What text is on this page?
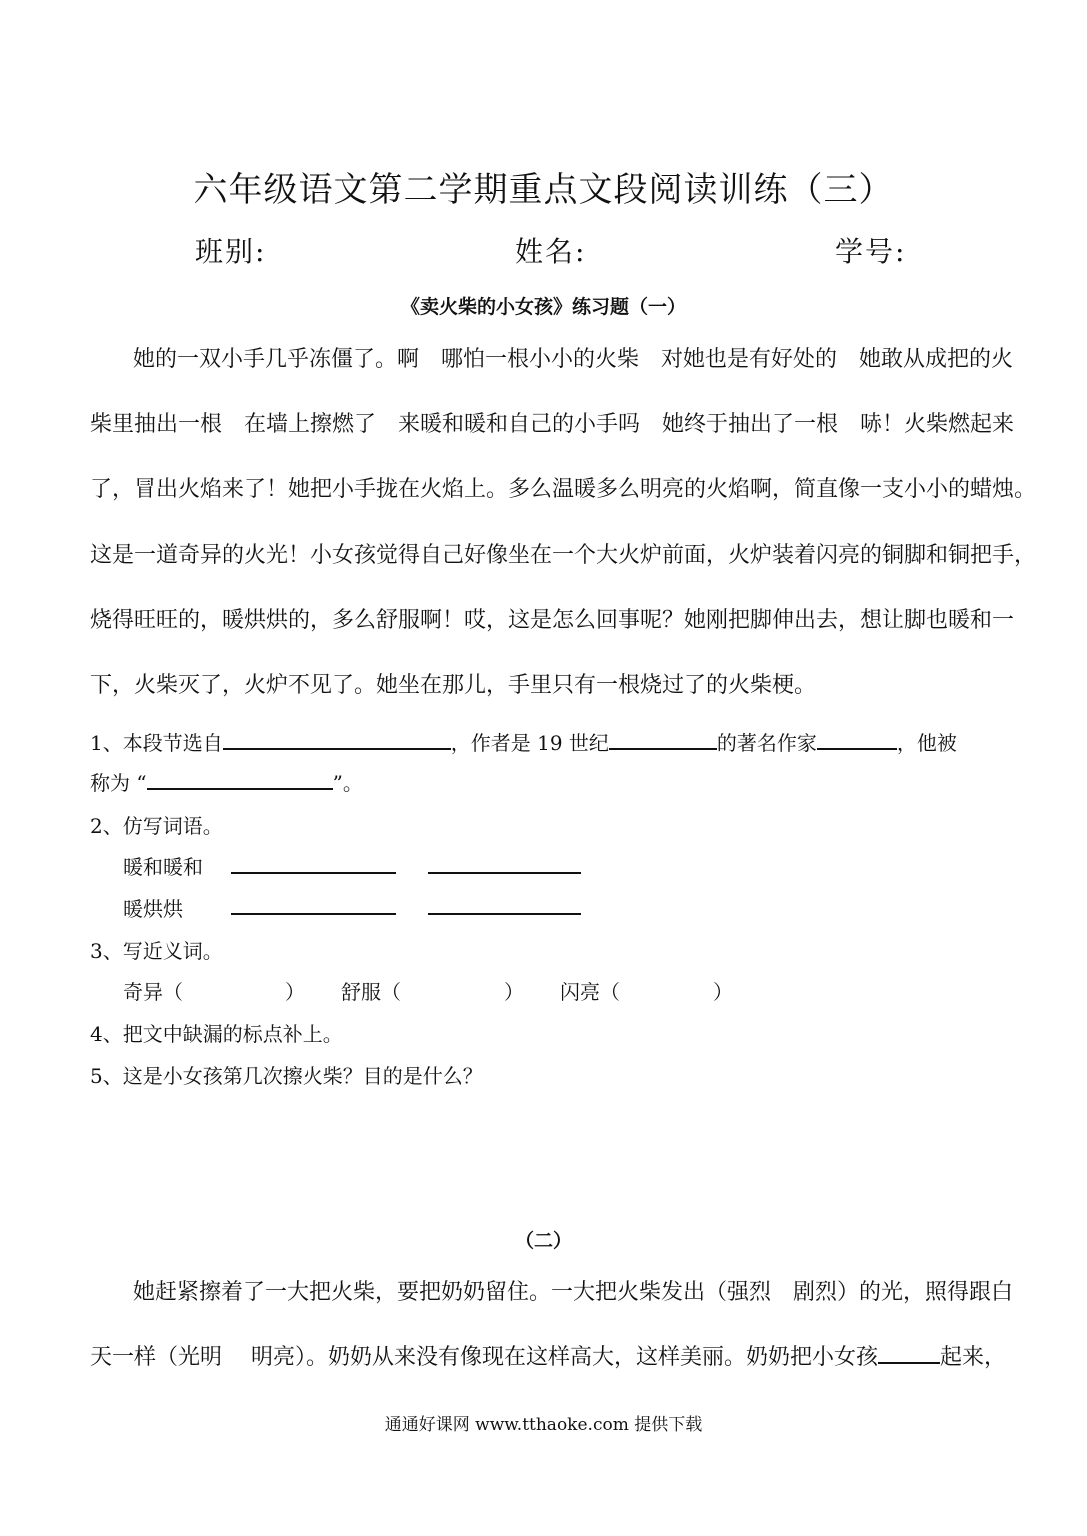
六年级语文第二学期重点文段阅读训练（三）
班别:	姓名:	学号:
《卖火柴的小女孩》练习题（一）
她的一双小手几乎冻僵了。啊　哪怕一根小小的火柴　对她也是有好处的　她敢从成把的火
柴里抽出一根　在墙上擦燃了　来暖和暖和自己的小手吗　她终于抽出了一根　哧！火柴燃起来
了，冒出火焰来了！她把小手拢在火焰上。多么温暖多么明亮的火焰啊，简直像一支小小的蜡烛。
这是一道奇异的火光！小女孩觉得自己好像坐在一个大火炉前面，火炉装着闪亮的铜脚和铜把手，
烧得旺旺的，暖烘烘的，多么舒服啊！哎，这是怎么回事呢？她刚把脚伸出去，想让脚也暖和一
下，火柴灭了，火炉不见了。她坐在那儿，手里只有一根烧过了的火柴梗。
1、本段节选自	，作者是 19 世纪	的著名作家	，他被
称为 “	”。
2、仿写词语。
暖和暖和
暖烘烘
3、写近义词。
奇异（	） 舒服（	） 闪亮（	）
4、把文中缺漏的标点补上。
5、这是小女孩第几次擦火柴？目的是什么？
（二）
她赶紧擦着了一大把火柴，要把奶奶留住。一大把火柴发出（强烈　剧烈）的光，照得跟白
天一样（光明　 明亮）。奶奶从来没有像现在这样高大，这样美丽。奶奶把小女孩	起来，
通通好课网 www.tthaoke.com 提供下载
